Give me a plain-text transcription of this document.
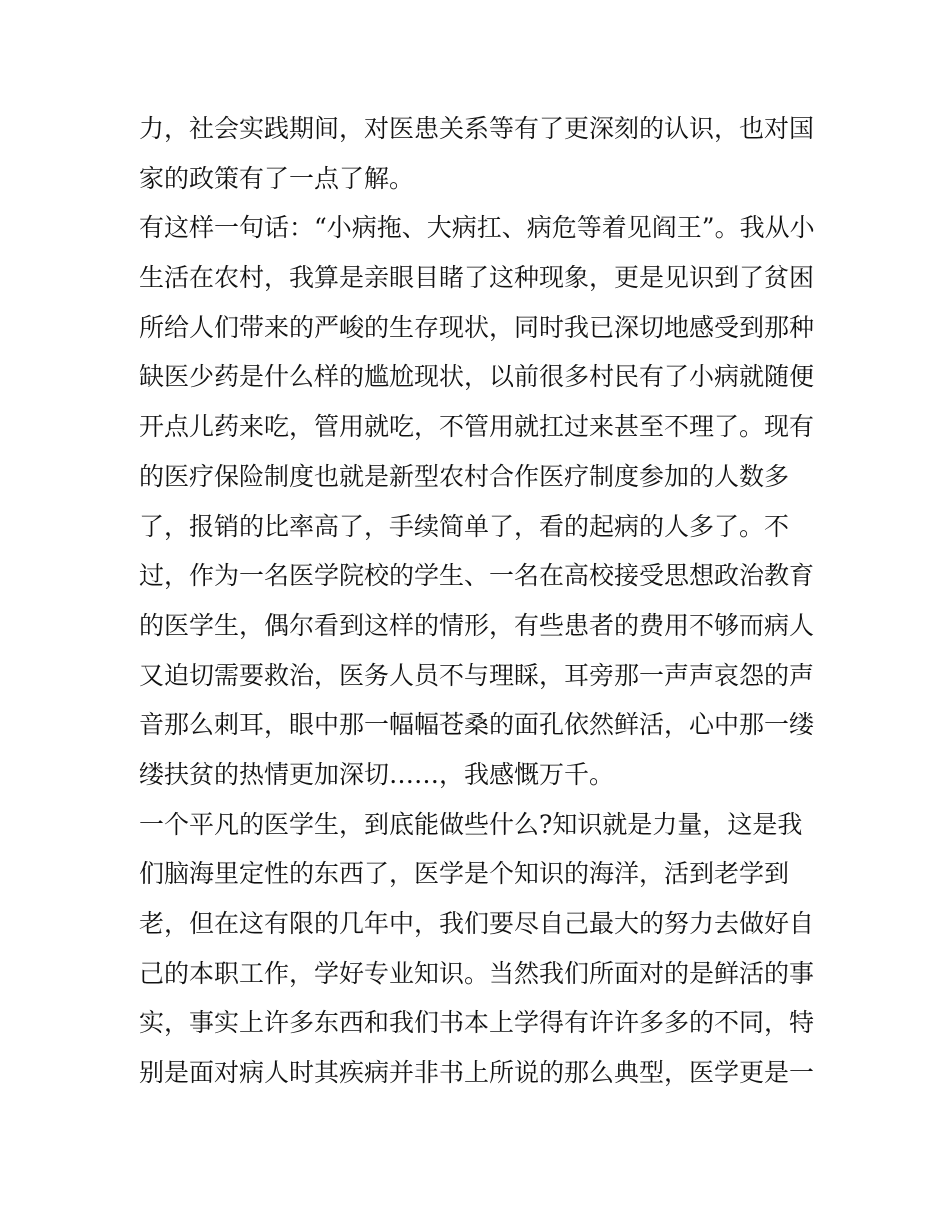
力，社会实践期间，对医患关系等有了更深刻的认识，也对国
家的政策有了一点了解。
有这样一句话：“小病拖、大病扛、病危等着见阎王”。我从小
生活在农村，我算是亲眼目睹了这种现象，更是见识到了贫困
所给人们带来的严峻的生存现状，同时我已深切地感受到那种
缺医少药是什么样的尴尬现状，以前很多村民有了小病就随便
开点儿药来吃，管用就吃，不管用就扛过来甚至不理了。现有
的医疗保险制度也就是新型农村合作医疗制度参加的人数多
了，报销的比率高了，手续简单了，看的起病的人多了。不
过，作为一名医学院校的学生、一名在高校接受思想政治教育
的医学生，偶尔看到这样的情形，有些患者的费用不够而病人
又迫切需要救治，医务人员不与理睬，耳旁那一声声哀怨的声
音那么刺耳，眼中那一幅幅苍桑的面孔依然鲜活，心中那一缕
缕扶贫的热情更加深切……，我感慨万千。
一个平凡的医学生，到底能做些什么?知识就是力量，这是我
们脑海里定性的东西了，医学是个知识的海洋，活到老学到
老，但在这有限的几年中，我们要尽自己最大的努力去做好自
己的本职工作，学好专业知识。当然我们所面对的是鲜活的事
实，事实上许多东西和我们书本上学得有许许多多的不同，特
别是面对病人时其疾病并非书上所说的那么典型，医学更是一
